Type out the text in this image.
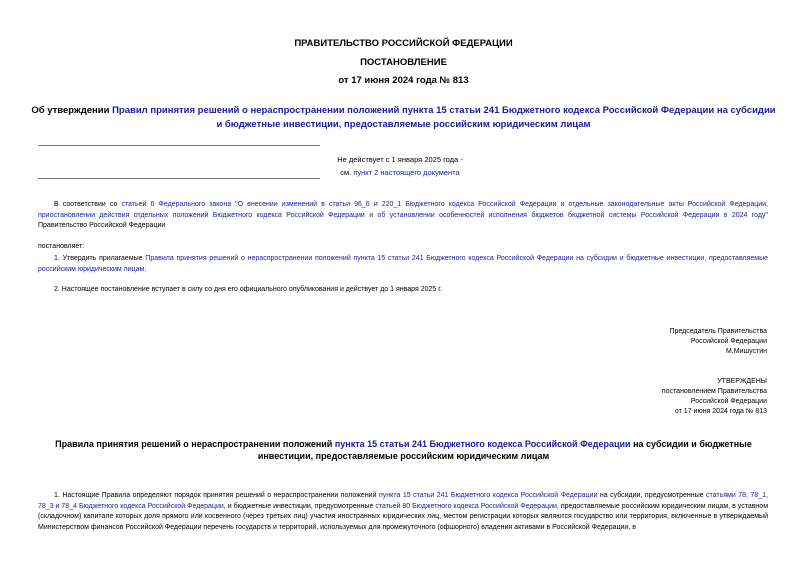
ПРАВИТЕЛЬСТВО РОССИЙСКОЙ ФЕДЕРАЦИИ
ПОСТАНОВЛЕНИЕ
от 17 июня 2024 года № 813
Об утверждении Правил принятия решений о нераспространении положений пункта 15 статьи 241 Бюджетного кодекса Российской Федерации на субсидии и бюджетные инвестиции, предоставляемые российским юридическим лицам
Не действует с 1 января 2025 года -
см. пункт 2 настоящего документа
В соответствии со статьей 6 Федерального закона "О внесении изменений в статьи 96_6 и 220_1 Бюджетного кодекса Российской Федерации и отдельные законодательные акты Российской Федерации, приостановлении действия отдельных положений Бюджетного кодекса Российской Федерации и об установлении особенностей исполнения бюджетов бюджетной системы Российской Федерации в 2024 году" Правительство Российской Федерации
постановляет:
1. Утвердить прилагаемые Правила принятия решений о нераспространении положений пункта 15 статьи 241 Бюджетного кодекса Российской Федерации на субсидии и бюджетные инвестиции, предоставляемые российским юридическим лицам.
2. Настоящее постановление вступает в силу со дня его официального опубликования и действует до 1 января 2025 г.
Председатель Правительства
Российской Федерации
М.Мишустин
УТВЕРЖДЕНЫ
постановлением Правительства
Российской Федерации
от 17 июня 2024 года № 813
Правила принятия решений о нераспространении положений пункта 15 статьи 241 Бюджетного кодекса Российской Федерации на субсидии и бюджетные инвестиции, предоставляемые российским юридическим лицам
1. Настоящие Правила определяют порядок принятия решений о нераспространении положений пункта 15 статьи 241 Бюджетного кодекса Российской Федерации на субсидии, предусмотренные статьями 78, 78_1, 78_3 и 78_4 Бюджетного кодекса Российской Федерации, и бюджетные инвестиции, предусмотренные статьей 80 Бюджетного кодекса Российской Федерации, предоставляемые российским юридическим лицам, в уставном (складочном) капитале которых доля прямого или косвенного (через третьих лиц) участия иностранных юридических лиц, местом регистрации которых являются государство или территория, включенные в утверждаемый Министерством финансов Российской Федерации перечень государств и территорий, используемых для промежуточного (офшорного) владения активами в Российской Федерации, в
